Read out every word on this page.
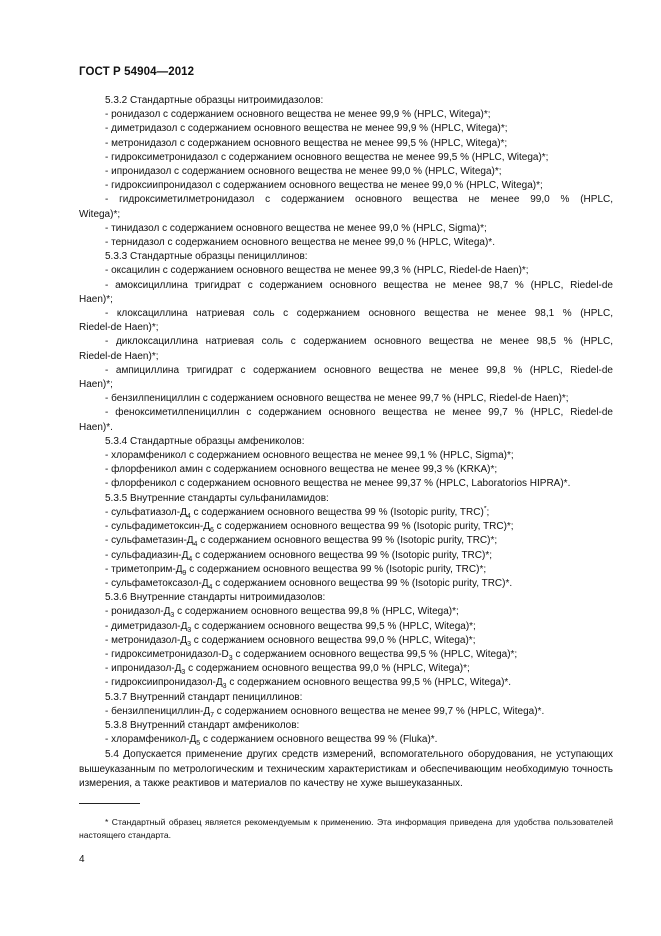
ГОСТ Р 54904—2012
5.3.2 Стандартные образцы нитроимидазолов:
- ронидазол с содержанием основного вещества не менее 99,9 % (HPLC, Witega)*;
- диметридазол с содержанием основного вещества не менее 99,9 % (HPLC, Witega)*;
- метронидазол с содержанием основного вещества не менее 99,5 % (HPLC, Witega)*;
- гидроксиметронидазол с содержанием основного вещества не менее 99,5 % (HPLC, Witega)*;
- ипронидазол с содержанием основного вещества не менее 99,0 % (HPLC, Witega)*;
- гидроксиипронидазол с содержанием основного вещества не менее 99,0 % (HPLC, Witega)*;
- гидроксиметилметронидазол с содержанием основного вещества не менее 99,0 % (HPLC,
Witega)*;
- тинидазол с содержанием основного вещества не менее 99,0 % (HPLC, Sigma)*;
- тернидазол с содержанием основного вещества не менее 99,0 % (HPLC, Witega)*.
5.3.3 Стандартные образцы пенициллинов:
- оксацилин с содержанием основного вещества не менее 99,3 % (HPLC, Riedel-de Haen)*;
- амоксициллина тригидрат с содержанием основного вещества не менее 98,7 % (HPLC, Riedel-de
Haen)*;
- клоксациллина натриевая соль с содержанием основного вещества не менее 98,1 % (HPLC,
Riedel-de Haen)*;
- диклоксациллина натриевая соль с содержанием основного вещества не менее 98,5 % (HPLC,
Riedel-de Haen)*;
- ампициллина тригидрат с содержанием основного вещества не менее 99,8 % (HPLC, Riedel-de
Haen)*;
- бензилпенициллин с содержанием основного вещества не менее 99,7 % (HPLC, Riedel-de Haen)*;
- феноксиметилпенициллин с содержанием основного вещества не менее 99,7 % (HPLC, Riedel-de
Haen)*.
5.3.4 Стандартные образцы амфениколов:
- хлорамфеникол с содержанием основного вещества не менее 99,1 % (HPLC, Sigma)*;
- флорфеникол амин с содержанием основного вещества не менее 99,3 % (KRKA)*;
- флорфеникол с содержанием основного вещества не менее 99,37 % (HPLC, Laboratorios HIPRA)*.
5.3.5 Внутренние стандарты сульфаниламидов:
- сульфатиазол-$Д_4$ с содержанием основного вещества 99 % (Isotopic purity, TRC)*;
- сульфадиметоксин-$Д_6$ с содержанием основного вещества 99 % (Isotopic purity, TRC)*;
- сульфаметазин-$Д_4$ с содержанием основного вещества 99 % (Isotopic purity, TRC)*;
- сульфадиазин-$Д_4$ с содержанием основного вещества 99 % (Isotopic purity, TRC)*;
- триметоприм-$Д_9$ с содержанием основного вещества 99 % (Isotopic purity, TRC)*;
- сульфаметоксазол-$Д_4$ с содержанием основного вещества 99 % (Isotopic purity, TRC)*.
5.3.6 Внутренние стандарты нитроимидазолов:
- ронидазол-$Д_3$ с содержанием основного вещества 99,8 % (HPLC, Witega)*;
- диметридазол-$Д_3$ с содержанием основного вещества 99,5 % (HPLC, Witega)*;
- метронидазол-$Д_3$ с содержанием основного вещества 99,0 % (HPLC, Witega)*;
- гидроксиметронидазол-$D_3$ с содержанием основного вещества 99,5 % (HPLC, Witega)*;
- ипронидазол-$Д_3$ с содержанием основного вещества 99,0 % (HPLC, Witega)*;
- гидроксиипронидазол-$Д_3$ с содержанием основного вещества 99,5 % (HPLC, Witega)*.
5.3.7 Внутренний стандарт пенициллинов:
- бензилпенициллин-$Д_7$ с содержанием основного вещества не менее 99,7 % (HPLC, Witega)*.
5.3.8 Внутренний стандарт амфениколов:
- хлорамфеникол-$Д_5$ с содержанием основного вещества 99 % (Fluka)*.
5.4 Допускается применение других средств измерений, вспомогательного оборудования, не уступающих вышеуказанным по метрологическим и техническим характеристикам и обеспечивающим необходимую точность измерения, а также реактивов и материалов по качеству не хуже вышеуказанных.
* Стандартный образец является рекомендуемым к применению. Эта информация приведена для удобства пользователей настоящего стандарта.
4
